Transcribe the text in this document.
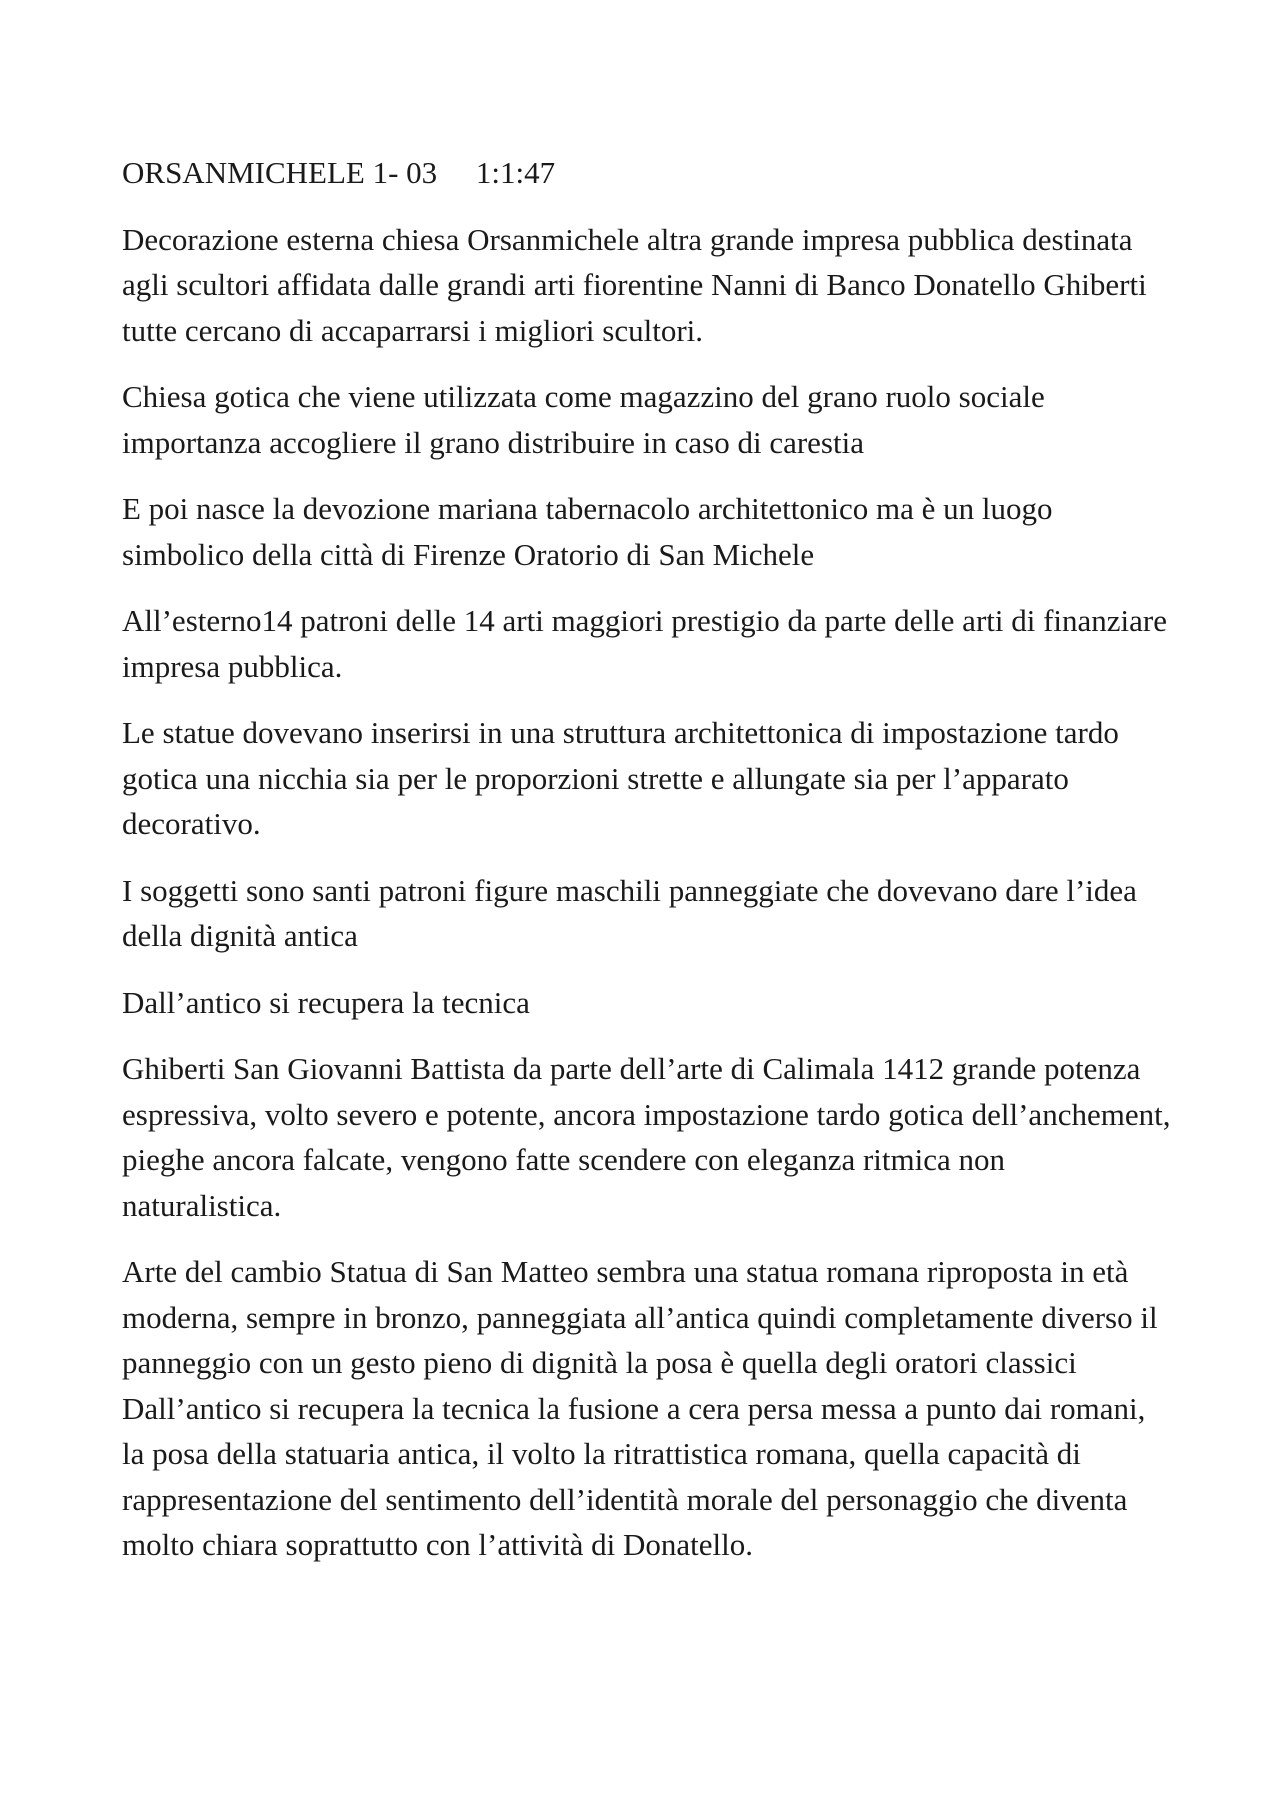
ORSANMICHELE 1- 03     1:1:47

Decorazione esterna chiesa Orsanmichele altra grande impresa pubblica destinata agli scultori affidata dalle grandi arti fiorentine Nanni di Banco Donatello Ghiberti tutte cercano di accaparrarsi i migliori scultori.

Chiesa gotica che viene utilizzata come magazzino del grano ruolo sociale importanza accogliere il grano distribuire in caso di carestia

E poi nasce la devozione mariana tabernacolo architettonico ma è un luogo simbolico della città di Firenze Oratorio di San Michele

All’esterno14 patroni delle 14 arti maggiori prestigio da parte delle arti di finanziare impresa pubblica.

Le statue dovevano inserirsi in una struttura architettonica di impostazione tardo gotica una nicchia sia per le proporzioni strette e allungate sia per l’apparato decorativo.

I soggetti sono santi patroni figure maschili panneggiate che dovevano dare l’idea della dignità antica

Dall’antico si recupera la tecnica

Ghiberti San Giovanni Battista da parte dell’arte di Calimala 1412 grande potenza espressiva, volto severo e potente, ancora impostazione tardo gotica dell’anchement, pieghe ancora falcate, vengono fatte scendere con eleganza ritmica non naturalistica.

Arte del cambio Statua di San Matteo sembra una statua romana riproposta in età moderna, sempre in bronzo, panneggiata all’antica quindi completamente diverso il panneggio con un gesto pieno di dignità la posa è quella degli oratori classici Dall’antico si recupera la tecnica la fusione a cera persa messa a punto dai romani, la posa della statuaria antica, il volto la ritrattistica romana, quella capacità di rappresentazione del sentimento dell’identità morale del personaggio che diventa molto chiara soprattutto con l’attività di Donatello.
